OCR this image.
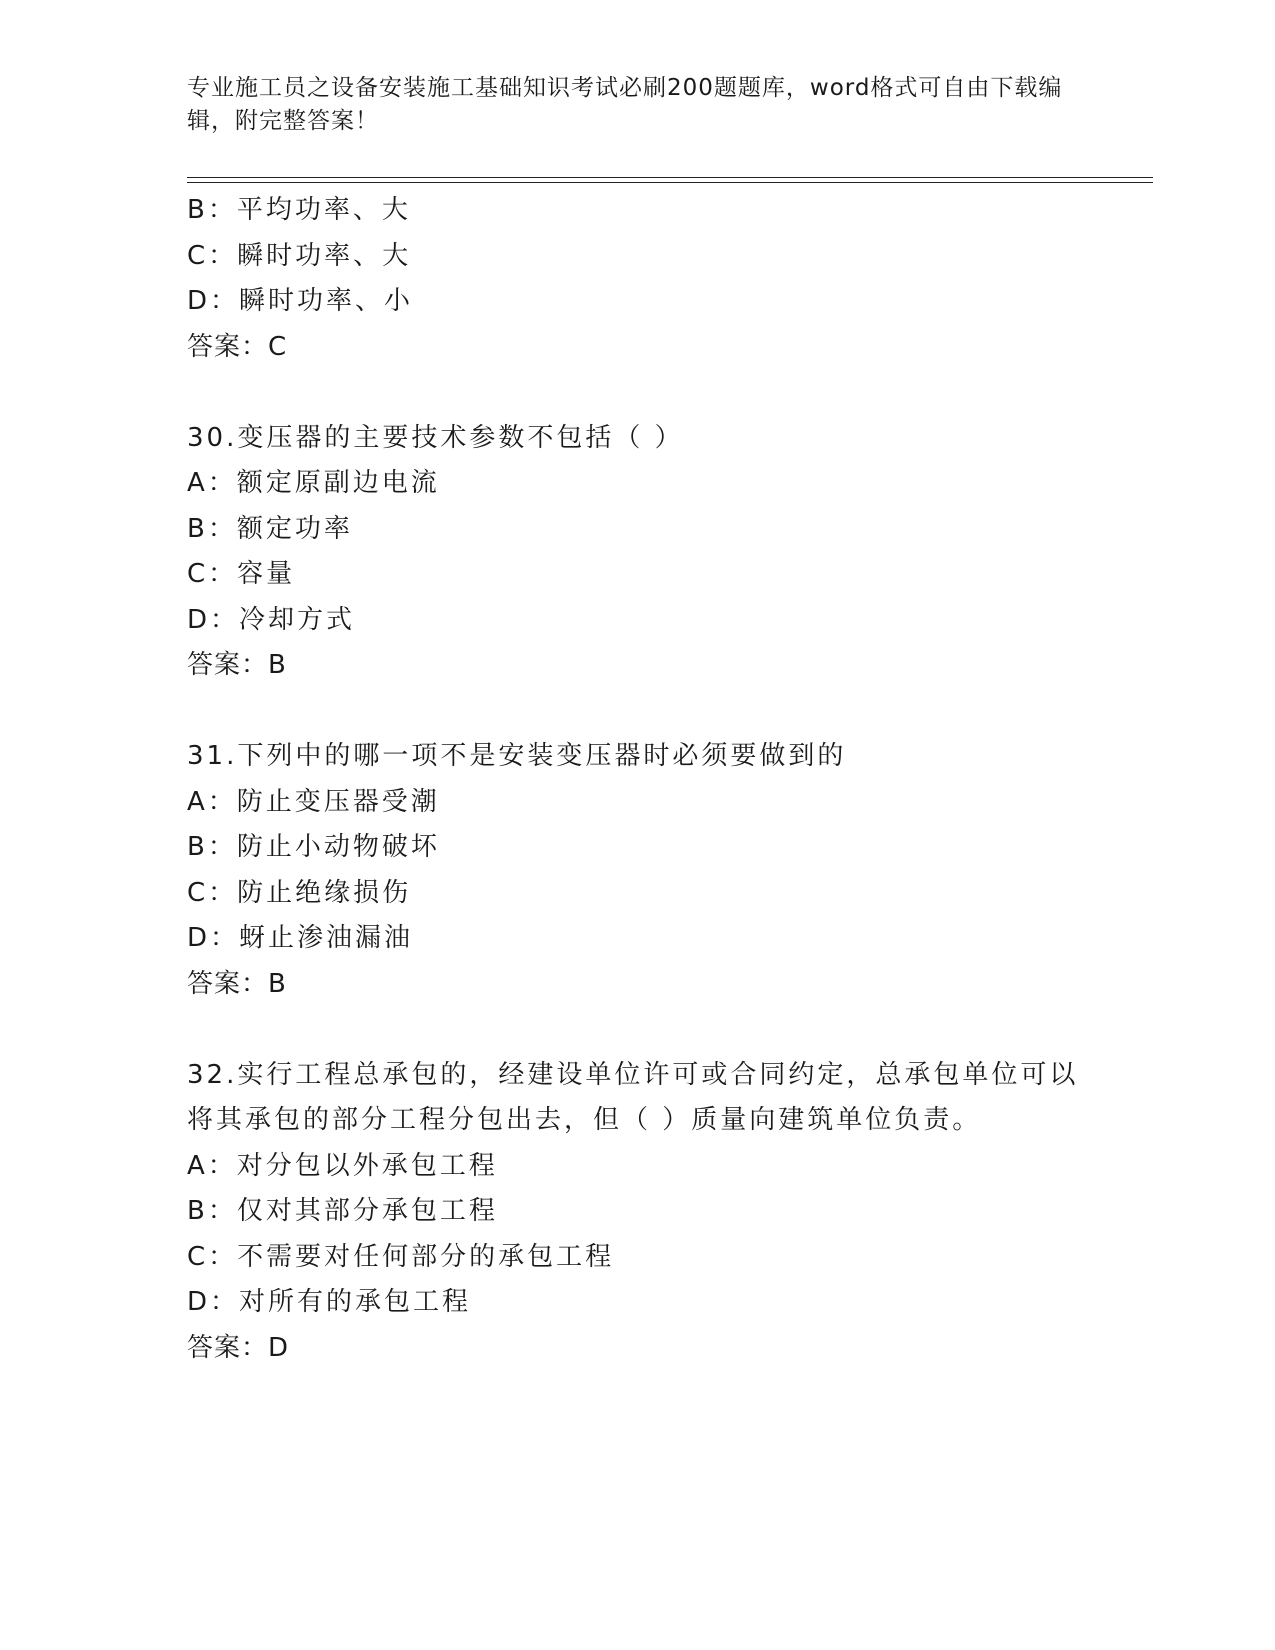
专业施工员之设备安装施工基础知识考试必刷200题题库，word格式可自由下载编辑，附完整答案！
B：平均功率、大
C：瞬时功率、大
D：瞬时功率、小
答案：C
30.变压器的主要技术参数不包括（ ）
A：额定原副边电流
B：额定功率
C：容量
D：冷却方式
答案：B
31.下列中的哪一项不是安装变压器时必须要做到的
A：防止变压器受潮
B：防止小动物破坏
C：防止绝缘损伤
D：蚜止渗油漏油
答案：B
32.实行工程总承包的，经建设单位许可或合同约定，总承包单位可以将其承包的部分工程分包出去，但（ ）质量向建筑单位负责。
A：对分包以外承包工程
B：仅对其部分承包工程
C：不需要对任何部分的承包工程
D：对所有的承包工程
答案：D
